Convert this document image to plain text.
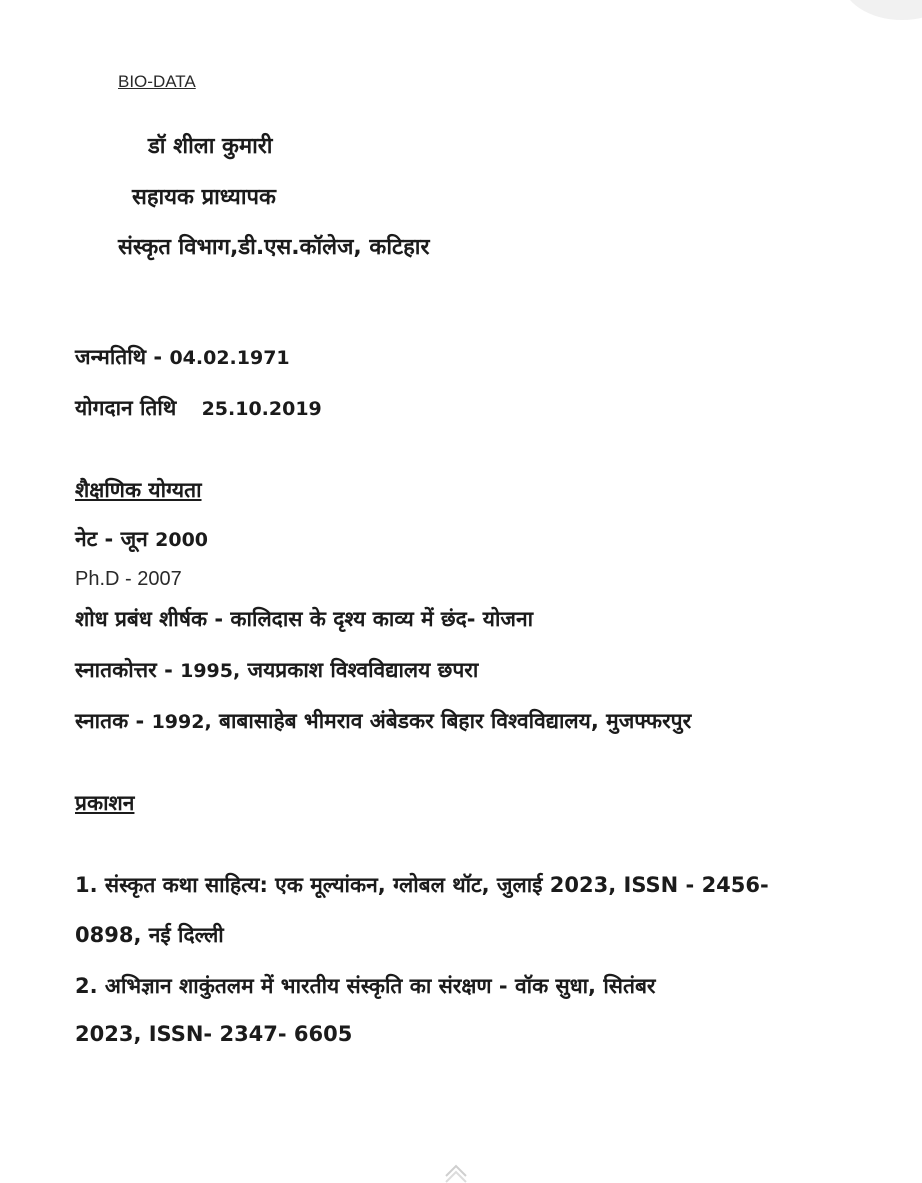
BIO-DATA
डॉ शीला कुमारी
सहायक प्राध्यापक
संस्कृत विभाग,डी.एस.कॉलेज, कटिहार
जन्मतिथि - 04.02.1971
योगदान तिथि 25.10.2019
शैक्षणिक योग्यता
नेट - जून 2000
Ph.D - 2007
शोध प्रबंध शीर्षक - कालिदास के दृश्य काव्य में छंद- योजना
स्नातकोत्तर - 1995, जयप्रकाश विश्वविद्यालय छपरा
स्नातक - 1992, बाबासाहेब भीमराव अंबेडकर बिहार विश्वविद्यालय, मुजफ्फरपुर
प्रकाशन
1. संस्कृत कथा साहित्य: एक मूल्यांकन, ग्लोबल थॉट, जुलाई 2023, ISSN - 2456-
0898, नई दिल्ली
2. अभिज्ञान शाकुंतलम में भारतीय संस्कृति का संरक्षण - वॉक सुधा, सितंबर
2023, ISSN- 2347- 6605
